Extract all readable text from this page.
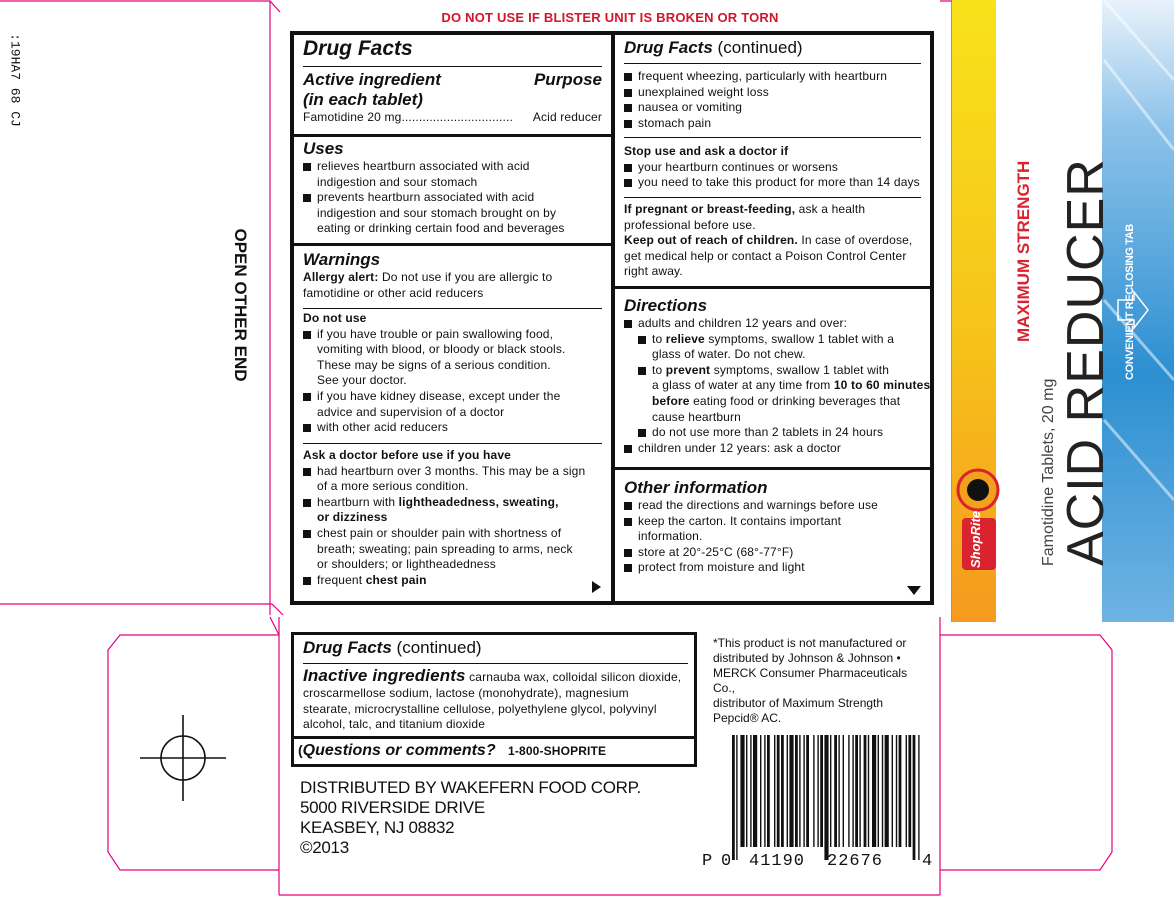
DO NOT USE IF BLISTER UNIT IS BROKEN OR TORN
:19HA7 68 CJ
OPEN OTHER END
Drug Facts
Active ingredient	Purpose
(in each tablet)
Famotidine 20 mg ................................	Acid reducer
Uses
relieves heartburn associated with acid
indigestion and sour stomach
prevents heartburn associated with acid
indigestion and sour stomach brought on by
eating or drinking certain food and beverages
Warnings
Allergy alert: Do not use if you are allergic to
famotidine or other acid reducers
Do not use
if you have trouble or pain swallowing food,
vomiting with blood, or bloody or black stools.
These may be signs of a serious condition.
See your doctor.
if you have kidney disease, except under the
advice and supervision of a doctor
with other acid reducers
Ask a doctor before use if you have
had heartburn over 3 months. This may be a sign
of a more serious condition.
heartburn with lightheadedness, sweating,
or dizziness
chest pain or shoulder pain with shortness of
breath; sweating; pain spreading to arms, neck
or shoulders; or lightheadedness
frequent chest pain
Drug Facts (continued)
frequent wheezing, particularly with heartburn
unexplained weight loss
nausea or vomiting
stomach pain
Stop use and ask a doctor if
your heartburn continues or worsens
you need to take this product for more than 14 days
If pregnant or breast-feeding, ask a health
professional before use.
Keep out of reach of children. In case of overdose,
get medical help or contact a Poison Control Center
right away.
Directions
adults and children 12 years and over:
to relieve symptoms, swallow 1 tablet with a
glass of water. Do not chew.
to prevent symptoms, swallow 1 tablet with
a glass of water at any time from 10 to 60 minutes
before eating food or drinking beverages that
cause heartburn
do not use more than 2 tablets in 24 hours
children under 12 years: ask a doctor
Other information
read the directions and warnings before use
keep the carton. It contains important
information.
store at 20°-25°C (68°-77°F)
protect from moisture and light	ShopRite
MAXIMUM STRENGTH
Famotidine Tablets, 20 mg ACID REDUCER CONVENIENT RECLOSING TAB
Drug Facts (continued)
Inactive ingredients carnauba wax, colloidal silicon dioxide,
croscarmellose sodium, lactose (monohydrate), magnesium
stearate, microcrystalline cellulose, polyethylene glycol, polyvinyl
alcohol, talc, and titanium dioxide
(Questions or comments? 1-800-SHOPRITE
DISTRIBUTED BY WAKEFERN FOOD CORP.
5000 RIVERSIDE DRIVE
KEASBEY, NJ 08832
©2013
*This product is not manufactured or
distributed by Johnson & Johnson •
MERCK Consumer Pharmaceuticals Co.,
distributor of Maximum Strength
Pepcid® AC.
P 0 41190 22676 4
